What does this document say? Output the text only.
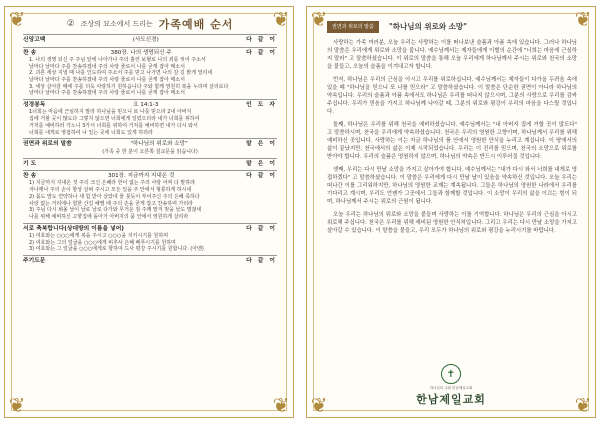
❦	❦
❦	❦
② 조상의 묘소에서 드리는 가족예배 순서
신앙고백	(사도신경)	다 같 이
찬 송	380장. 나의 생명되신 주	다 같 이
1. 나의 생명 되신 주 주님 앞에 나아가나 주의 흘린 보혈로 나의 죄를 씻어 주소서
날마다 날마다 주를 찬송하겠네 주의 사랑 줄로서 나를 굳게 잡아 매소서
2. 괴론 세상 지낼 때 나를 인도하여 주소서 주를 믿고 나가면 나의 갈 길 밝게 열리네
날마다 날마다 주를 찬송하겠네 주의 사랑 줄로서 나를 굳게 잡아 매소서
3. 세상 살아갈 때에 주를 더욱 사랑하기 원하옵니다 주와 함께 영원히 복을 누리며 살리로다
날마다 날마다 주를 찬송하겠네 주의 사랑 줄로서 나를 굳게 잡아 매소서
성경봉독	요 14:1-3	인 도 자
1너희는 마음에 근심하지 말라 하나님을 믿으니 또 나를 믿으라 2내 아버지
집에 거할 곳이 많도다 그렇지 않으면 너희에게 일렀으리라 내가 너희를 위하여
거처를 예비하러 가노니 3가서 너희를 위하여 거처를 예비하면 내가 다시 와서
너희를 내게로 영접하여 나 있는 곳에 너희도 있게 하리라
권면과 위로의 말씀	"하나님의 위로와 소망"	맡 은 이
(가족 중 한 분이 오른쪽 설교문을 읽습니다)
기 도	맡 은 이
찬 송	301장. 지금까지 지내온 것	다 같 이
1) 지금까지 지내온 것 주의 크신 은혜라 한이 없는 주의 사랑 어찌 다 말하랴
자나깨나 주의 손이 항상 살펴 주시고 모든 일을 주 안에서 형통하게 하시네
2) 몸도 맘도 연약하나 새 힘 받아 살았네 물 붓듯이 부어주신 주의 은혜 족하다
사랑 없는 거리에나 험한 산길 헤맬 때 주의 손을 굳게 잡고 찬송하며 가리라
3) 주님 다시 뵈올 날이 날로 날로 다가와 무거운 짐 주께 맡겨 벗을 날도 멀잖네
나를 위해 예비하신 고향집에 돌아가 아버지의 품 안에서 영원하게 살리라
서로 축복합니다(상대방의 이름을 넣어)	다 같 이
1) 여호와는 ○○○에게 복을 주시고 ○○○을 지키시기를 원하며
2) 여호와는 그의 얼굴을 ○○○에게 비추사 은혜 베푸시기를 원하며
3) 여호와는 그 얼굴을 ○○○에게로 향하여 드사 평강 주시기를 원합니다. (아멘)
주기도문	다 같 이
❦	❦
❦	❦
권면과 위로의 말씀	"하나님의 위로와 소망"

사랑하는 가족 여러분, 오늘 우리는 사랑하는 이를 떠나보낸 슬픔과 아픔 속에 있습니다. 그러나 하나님의 말씀은 우리에게 위로와 소망을 줍니다. 예수님께서는 제자들에게 이별의 순간에 "너희는 마음에 근심하지 말라" 고 말씀하셨습니다. 이 위로의 말씀을 통해 오늘 우리에게 하나님께서 주시는 위로와 천국의 소망을 붙들고, 오늘의 슬픔을 이겨내고자 합니다.

먼저, 하나님은 우리의 근심을 아시고 우리를 위로하십니다. 예수님께서는 제자들이 다가올 두려움 속에 있을 때 "하나님을 믿으니 또 나를 믿으라" 고 말씀하셨습니다. 이 말씀은 단순한 권면이 아니라 하나님의 약속입니다. 우리의 슬픔과 아픔 속에서도 하나님은 우리를 떠나지 않으시며, 그분의 사랑으로 우리를 감싸 주십니다. 우리가 믿음을 가지고 하나님께 나아갈 때, 그분의 위로와 평강이 우리의 마음을 다스릴 것입니다.

둘째, 하나님은 우리를 위해 천국을 예비하셨습니다. 예수님께서는 "내 아버지 집에 거할 곳이 많도다" 고 말씀하시며, 천국을 우리에게 약속하셨습니다. 천국은 우리의 영원한 고향이며, 하나님께서 우리를 위해 예비하신 곳입니다. 사랑하는 이는 지금 하나님의 품 안에서 영원한 안식을 누리고 계십니다. 이 땅에서의 삶이 끝났지만, 천국에서의 삶은 이제 시작되었습니다. 우리는 이 진리를 믿으며, 천국의 소망으로 위로를 받아야 합니다. 우리의 슬픔은 영원하지 않으며, 하나님의 약속은 반드시 이루어질 것입니다.

셋째, 우리는 다시 만날 소망을 가지고 살아가야 합니다. 예수님께서는 "내가 다시 와서 너희를 내게로 영접하겠다" 고 말씀하셨습니다. 이 말씀은 우리에게 다시 만날 날이 있음을 약속하신 것입니다. 오늘 우리는 떠나간 이를 그리워하지만, 하나님의 영원한 교제는 계속됩니다. 그들은 하나님의 영원한 나라에서 우리를 기다리고 계시며, 우리도 언젠가 그곳에서 그들과 함께할 것입니다. 이 소망이 우리의 삶을 이끄는 힘이 되며, 하나님께서 주시는 위로의 근원이 됩니다.

오늘 우리는 하나님의 위로와 소망을 붙들며 사랑하는 이를 기억합니다. 하나님은 우리의 근심을 아시고 위로해 주십니다. 천국은 우리를 위해 예비된 영원한 안식처입니다. 그리고 우리는 다시 만날 소망을 가지고 살아갈 수 있습니다. 이 말씀을 붙들고, 우리 모두가 하나님의 위로와 평강을 누리시기를 바랍니다.

✝
하나님의 교회 한남제일교회
한남제일교회
